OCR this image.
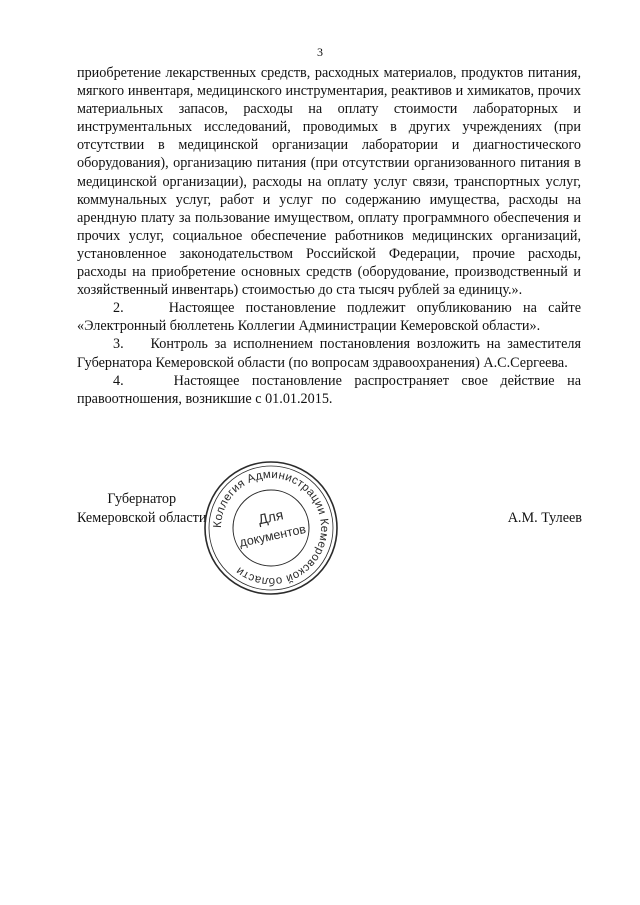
3

приобретение лекарственных средств, расходных материалов, продуктов питания, мягкого инвентаря, медицинского инструментария, реактивов и химикатов, прочих материальных запасов, расходы на оплату стоимости лабораторных и инструментальных исследований, проводимых в других учреждениях (при отсутствии в медицинской организации лаборатории и диагностического оборудования), организацию питания (при отсутствии организованного питания в медицинской организации), расходы на оплату услуг связи, транспортных услуг, коммунальных услуг, работ и услуг по содержанию имущества, расходы на арендную плату за пользование имуществом, оплату программного обеспечения и прочих услуг, социальное обеспечение работников медицинских организаций, установленное законодательством Российской Федерации, прочие расходы, расходы на приобретение основных средств (оборудование, производственный и хозяйственный инвентарь) стоимостью до ста тысяч рублей за единицу.».

2.    Настоящее постановление подлежит опубликованию на сайте «Электронный бюллетень Коллегии Администрации Кемеровской области».

3.    Контроль за исполнением постановления возложить на заместителя Губернатора Кемеровской области (по вопросам здравоохранения) А.С.Сергеева.

4.    Настоящее постановление распространяет свое действие на правоотношения, возникшие с 01.01.2015.

Губернатор
Кемеровской области	А.М. Тулеев
Коллегия Администрации Кемеровской области
Для
документов
